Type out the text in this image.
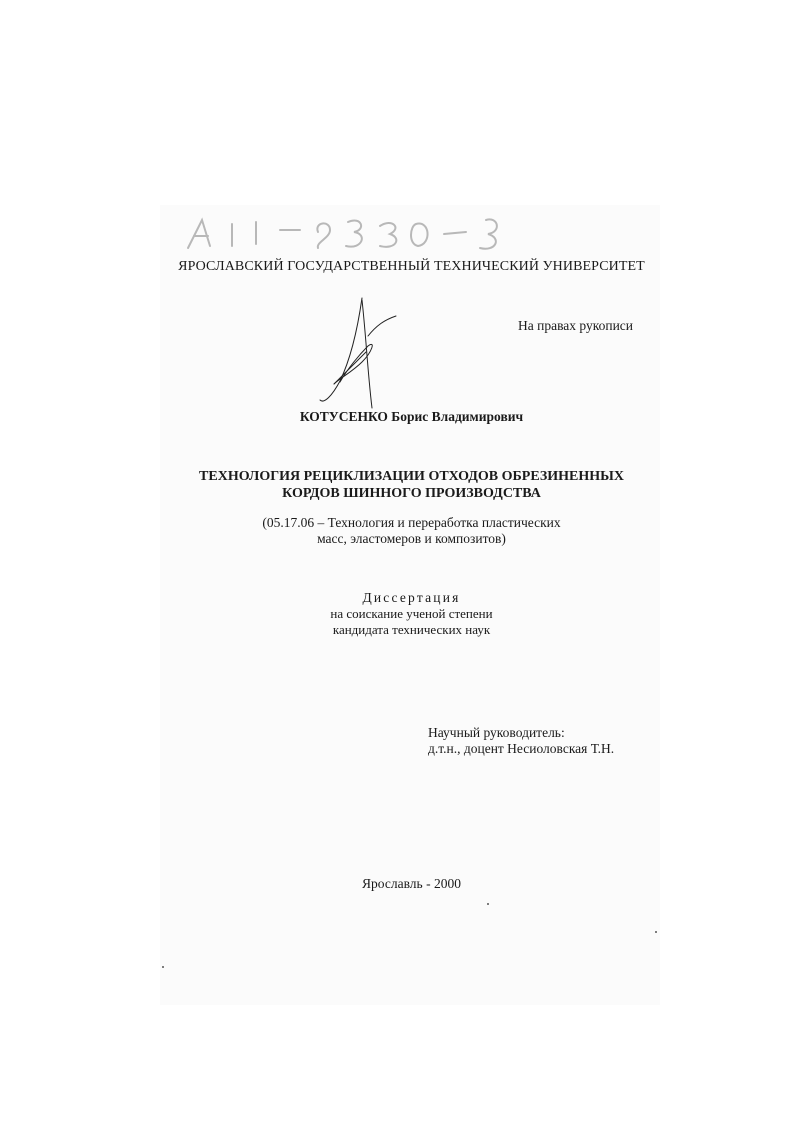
ЯРОСЛАВСКИЙ ГОСУДАРСТВЕННЫЙ ТЕХНИЧЕСКИЙ УНИВЕРСИТЕТ
На правах рукописи
КОТУСЕНКО Борис Владимирович
ТЕХНОЛОГИЯ РЕЦИКЛИЗАЦИИ ОТХОДОВ ОБРЕЗИНЕННЫХ
КОРДОВ ШИННОГО ПРОИЗВОДСТВА
(05.17.06 – Технология и переработка пластических
масс, эластомеров и композитов)
Диссертация
на соискание ученой степени
кандидата технических наук
Научный руководитель:
д.т.н., доцент Несиоловская Т.Н.
Ярославль - 2000
